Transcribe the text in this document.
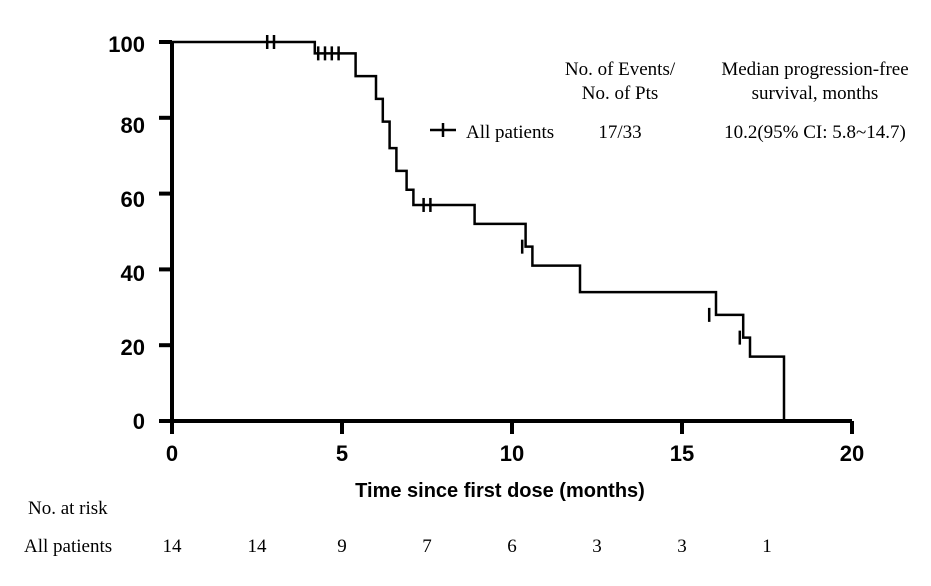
0
20
40
60
80
100
0	5	10	15	20
Time since first dose (months)
No. of Events/
No. of Pts
Median progression-free
survival, months
All patients	17/33	10.2(95% CI: 5.8~14.7)
No. at risk
All patients	14	14	9	7	6	3	3	1
